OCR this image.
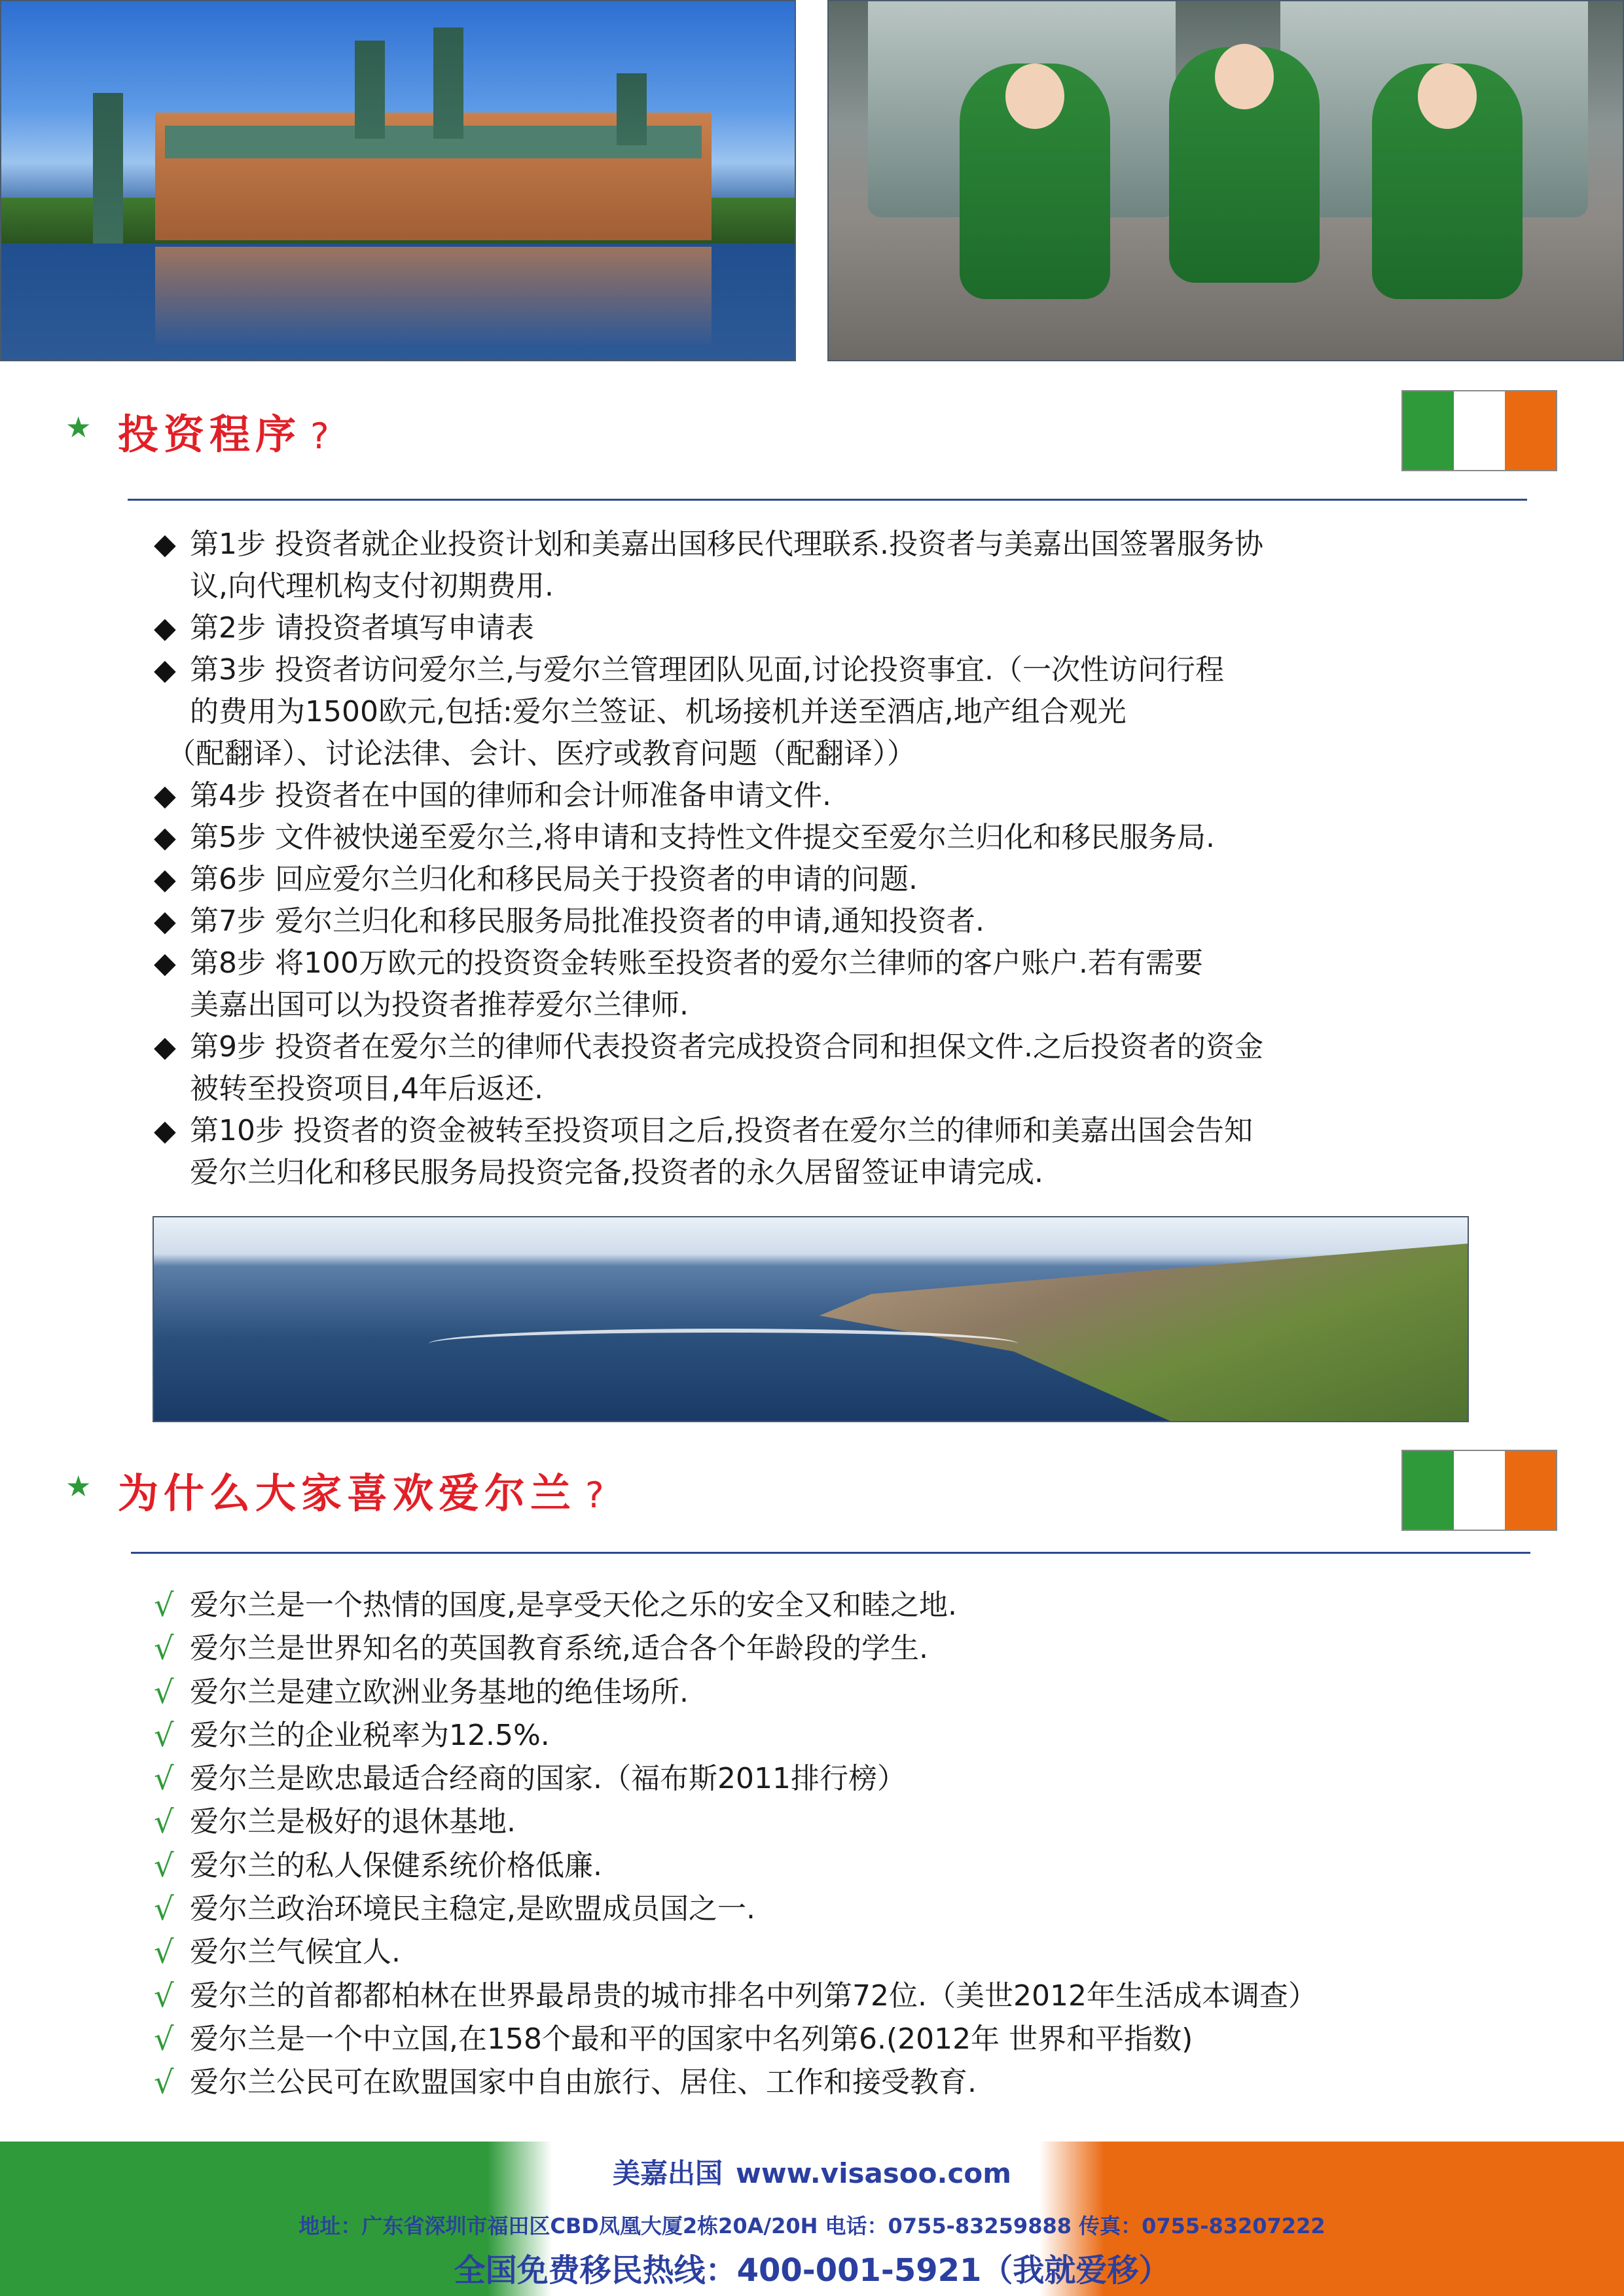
★ 投资程序 ?
◆ 第1步 投资者就企业投资计划和美嘉出国移民代理联系.投资者与美嘉出国签署服务协
议,向代理机构支付初期费用.
◆ 第2步 请投资者填写申请表
◆ 第3步 投资者访问爱尔兰,与爱尔兰管理团队见面,讨论投资事宜.（一次性访问行程
的费用为1500欧元,包括:爱尔兰签证、机场接机并送至酒店,地产组合观光
（配翻译）、讨论法律、会计、医疗或教育问题（配翻译））
◆ 第4步 投资者在中国的律师和会计师准备申请文件.
◆ 第5步 文件被快递至爱尔兰,将申请和支持性文件提交至爱尔兰归化和移民服务局.
◆ 第6步 回应爱尔兰归化和移民局关于投资者的申请的问题.
◆ 第7步 爱尔兰归化和移民服务局批准投资者的申请,通知投资者.
◆ 第8步 将100万欧元的投资资金转账至投资者的爱尔兰律师的客户账户.若有需要
美嘉出国可以为投资者推荐爱尔兰律师.
◆ 第9步 投资者在爱尔兰的律师代表投资者完成投资合同和担保文件.之后投资者的资金
被转至投资项目,4年后返还.
◆ 第10步 投资者的资金被转至投资项目之后,投资者在爱尔兰的律师和美嘉出国会告知
爱尔兰归化和移民服务局投资完备,投资者的永久居留签证申请完成.
★ 为什么大家喜欢爱尔兰 ?
√ 爱尔兰是一个热情的国度,是享受天伦之乐的安全又和睦之地.
√ 爱尔兰是世界知名的英国教育系统,适合各个年龄段的学生.
√ 爱尔兰是建立欧洲业务基地的绝佳场所.
√ 爱尔兰的企业税率为12.5%.
√ 爱尔兰是欧忠最适合经商的国家.（福布斯2011排行榜）
√ 爱尔兰是极好的退休基地.
√ 爱尔兰的私人保健系统价格低廉.
√ 爱尔兰政治环境民主稳定,是欧盟成员国之一.
√ 爱尔兰气候宜人.
√ 爱尔兰的首都都柏林在世界最昂贵的城市排名中列第72位.（美世2012年生活成本调查）
√ 爱尔兰是一个中立国,在158个最和平的国家中名列第6.(2012年 世界和平指数)
√ 爱尔兰公民可在欧盟国家中自由旅行、居住、工作和接受教育.
美嘉出国 www.visasoo.com
地址：广东省深圳市福田区CBD凤凰大厦2栋20A/20H 电话：0755-83259888 传真：0755-83207222
全国免费移民热线：400-001-5921（我就爱移）
